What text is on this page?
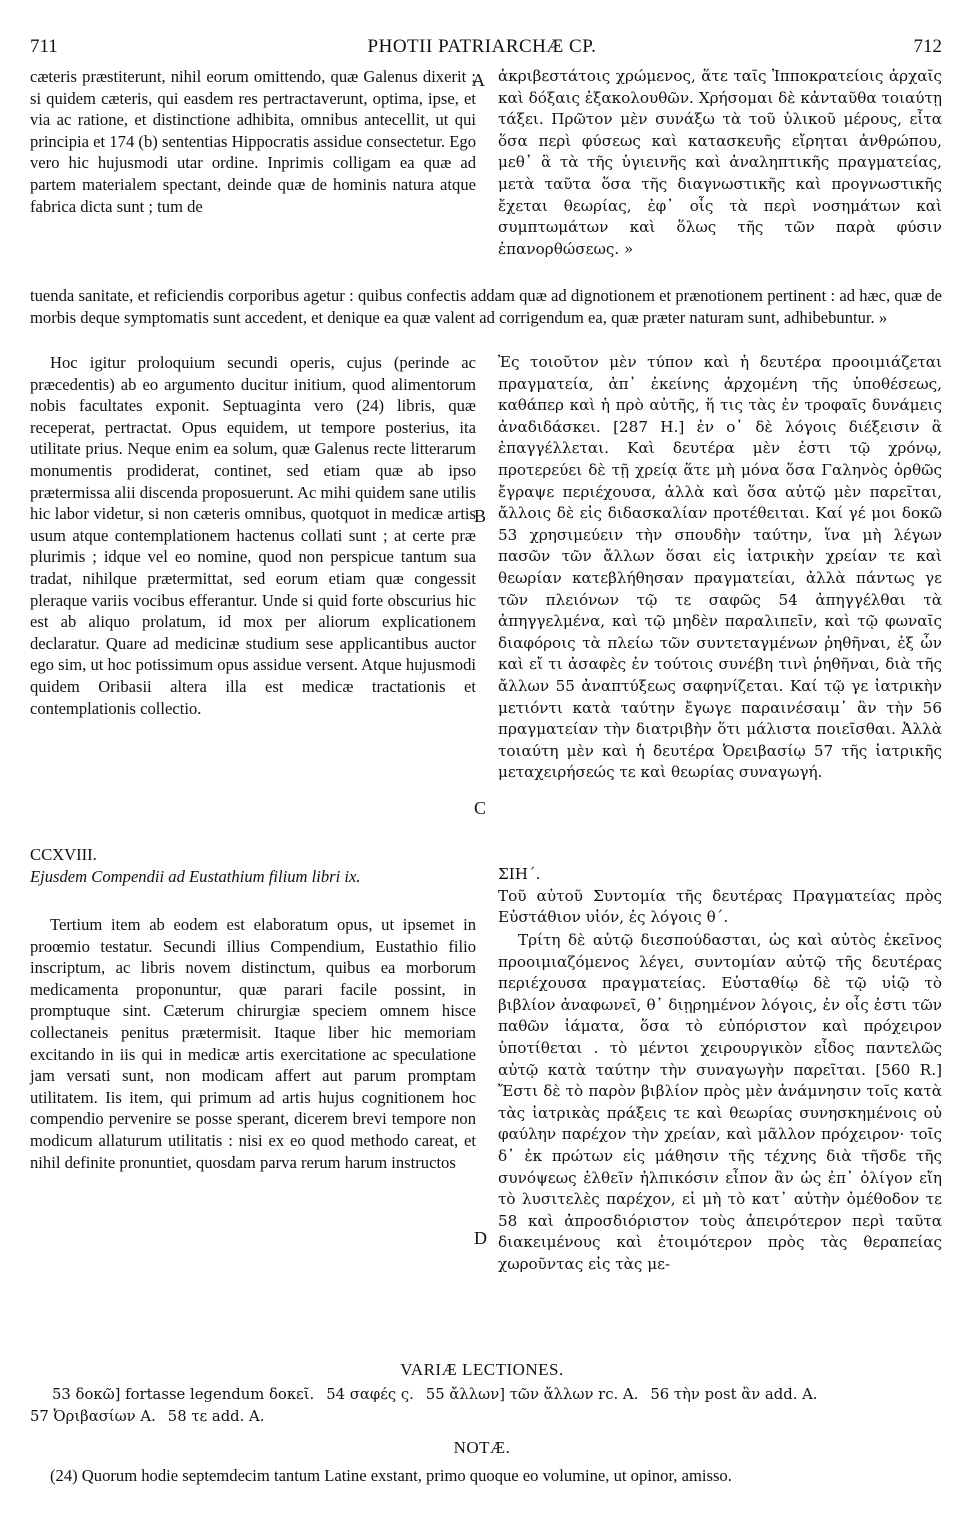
711	PHOTII PATRIARCHÆ CP.	712

cæteris præstiterunt, nihil eorum omittendo, quæ Galenus dixerit ; si quidem cæteris, qui easdem res pertractaverunt, optima, ipse, et via ac ratione, et distinctione adhibita, omnibus antecellit, ut qui principia et 174 (b) sententias Hippocratis assidue consectetur. Ego vero hic hujusmodi utar ordine. Inprimis colligam ea quæ ad partem materialem spectant, deinde quæ de hominis natura atque fabrica dicta sunt ; tum de

ἀκριβεστάτοις χρώμενος, ἅτε ταῖς Ἱπποκρατείοις ἀρχαῖς καὶ δόξαις ἐξακολουθῶν. Χρήσομαι δὲ κἀνταῦθα τοιαύτῃ τάξει. Πρῶτον μὲν συνάξω τὰ τοῦ ὑλικοῦ μέρους, εἶτα ὅσα περὶ φύσεως καὶ κατασκευῆς εἴρηται ἀνθρώπου, μεθ᾽ ἃ τὰ τῆς ὑγιεινῆς καὶ ἀναληπτικῆς πραγματείας, μετὰ ταῦτα ὅσα τῆς διαγνωστικῆς καὶ προγνωστικῆς ἔχεται θεωρίας, ἐφ᾽ οἷς τὰ περὶ νοσημάτων καὶ συμπτωμάτων καὶ ὅλως τῆς τῶν παρὰ φύσιν ἐπανορθώσεως. »

tuenda sanitate, et reficiendis corporibus agetur : quibus confectis addam quæ ad dignotionem et prænotionem pertinent : ad hæc, quæ de morbis deque symptomatis sunt accedent, et denique ea quæ valent ad corrigendum ea, quæ præter naturam sunt, adhibebuntur. »

Hoc igitur proloquium secundi operis, cujus (perinde ac præcedentis) ab eo argumento ducitur initium, quod alimentorum nobis facultates exponit. Septuaginta vero (24) libris, quæ receperat, pertractat. Opus equidem, ut tempore posterius, ita utilitate prius. Neque enim ea solum, quæ Galenus recte litterarum monumentis prodiderat, continet, sed etiam quæ ab ipso prætermissa alii discenda proposuerunt. Ac mihi quidem sane utilis hic labor videtur, si non cæteris omnibus, quotquot in medicæ artis usum atque contemplationem hactenus collati sunt ; at certe præ plurimis ; idque vel eo nomine, quod non perspicue tantum sua tradat, nihilque prætermittat, sed eorum etiam quæ congessit pleraque variis vocibus efferantur. Unde si quid forte obscurius hic est ab aliquo prolatum, id mox per aliorum explicationem declaratur. Quare ad medicinæ studium sese applicantibus auctor ego sim, ut hoc potissimum opus assidue versent. Atque hujusmodi quidem Oribasii altera illa est medicæ tractationis et contemplationis collectio.

Ἐς τοιοῦτον μὲν τύπον καὶ ἡ δευτέρα προοιμιάζεται πραγματεία, ἀπ᾽ ἐκείνης ἀρχομένη τῆς ὑποθέσεως, καθάπερ καὶ ἡ πρὸ αὐτῆς, ἥ τις τὰς ἐν τροφαῖς δυνάμεις ἀναδιδάσκει. [287 H.] ἐν ο᾽ δὲ λόγοις διέξεισιν ἃ ἐπαγγέλλεται. Καὶ δευτέρα μὲν ἐστι τῷ χρόνῳ, προτερεύει δὲ τῇ χρείᾳ ἅτε μὴ μόνα ὅσα Γαληνὸς ὀρθῶς ἔγραψε περιέχουσα, ἀλλὰ καὶ ὅσα αὐτῷ μὲν παρεῖται, ἄλλοις δὲ εἰς διδασκαλίαν προτέθειται. Καί γέ μοι δοκῶ 53 χρησιμεύειν τὴν σπουδὴν ταύτην, ἵνα μὴ λέγων πασῶν τῶν ἄλλων ὅσαι εἰς ἰατρικὴν χρείαν τε καὶ θεωρίαν κατεβλήθησαν πραγματείαι, ἀλλὰ πάντως γε τῶν πλειόνων τῷ τε σαφῶς 54 ἀπηγγέλθαι τὰ ἀπηγγελμένα, καὶ τῷ μηδὲν παραλιπεῖν, καὶ τῷ φωναῖς διαφόροις τὰ πλείω τῶν συντεταγμένων ῥηθῆναι, ἐξ ὧν καὶ εἴ τι ἀσαφὲς ἐν τούτοις συνέβη τινὶ ῥηθῆναι, διὰ τῆς ἄλλων 55 ἀναπτύξεως σαφηνίζεται. Καί τῷ γε ἰατρικὴν μετιόντι κατὰ ταύτην ἔγωγε παραινέσαιμ᾽ ἂν τὴν 56 πραγματείαν τὴν διατριβὴν ὅτι μάλιστα ποιεῖσθαι. Ἀλλὰ τοιαύτη μὲν καὶ ἡ δευτέρα Ὀρειβασίῳ 57 τῆς ἰατρικῆς μεταχειρήσεώς τε καὶ θεωρίας συναγωγή.

CCXVIII.

Ejusdem Compendii ad Eustathium filium libri ix.	ΣΙΗ΄.

Τοῦ αὐτοῦ Συντομία τῆς δευτέρας Πραγματείας πρὸς Εὐστάθιον υἱόν, ἐς λόγοις θ΄.

Tertium item ab eodem est elaboratum opus, ut ipsemet in proœmio testatur. Secundi illius Compendium, Eustathio filio inscriptum, ac libris novem distinctum, quibus ea morborum medicamenta proponuntur, quæ parari facile possint, in promptuque sint. Cæterum chirurgiæ speciem omnem hisce collectaneis penitus prætermisit. Itaque liber hic memoriam excitando in iis qui in medicæ artis exercitatione ac speculatione jam versati sunt, non modicam affert aut parum promptam utilitatem. Iis item, qui primum ad artis hujus cognitionem hoc compendio pervenire se posse sperant, dicerem brevi tempore non modicum allaturum utilitatis : nisi ex eo quod methodo careat, et nihil definite pronuntiet, quosdam parva rerum harum instructos

Τρίτη δὲ αὐτῷ διεσπούδασται, ὡς καὶ αὐτὸς ἐκεῖνος προοιμιαζόμενος λέγει, συντομίαν αὐτῷ τῆς δευτέρας περιέχουσα πραγματείας. Εὐσταθίῳ δὲ τῷ υἱῷ τὸ βιβλίον ἀναφωνεῖ, θ᾽ διῃρημένον λόγοις, ἐν οἷς ἐστι τῶν παθῶν ἰάματα, ὅσα τὸ εὐπόριστον καὶ πρόχειρον ὑποτίθεται . τὸ μέντοι χειρουργικὸν εἶδος παντελῶς αὐτῷ κατὰ ταύτην τὴν συναγωγὴν παρεῖται. [560 R.] Ἔστι δὲ τὸ παρὸν βιβλίον πρὸς μὲν ἀνάμνησιν τοῖς κατὰ τὰς ἰατρικὰς πράξεις τε καὶ θεωρίας συνησκημένοις οὐ φαύλην παρέχον τὴν χρείαν, καὶ μᾶλλον πρόχειρον· τοῖς δ᾽ ἐκ πρώτων εἰς μάθησιν τῆς τέχνης διὰ τῆσδε τῆς συνόψεως ἐλθεῖν ἠλπικόσιν εἶπον ἂν ὡς ἐπ᾽ ὀλίγον εἴη τὸ λυσιτελὲς παρέχον, εἰ μὴ τὸ κατ᾽ αὐτὴν ὁμέθοδον τε 58 καὶ ἀπροσδιόριστον τοὺς ἀπειρότερον περὶ ταῦτα διακειμένους καὶ ἑτοιμότερον πρὸς τὰς θεραπείας χωροῦντας εἰς τὰς με-

A
B
C
D
VARIÆ LECTIONES.
53 δοκῶ] fortasse legendum δοκεῖ. 54 σαφές ς. 55 ἄλλων] τῶν ἄλλων rc. A. 56 τὴν post ἂν add. A.
57 Ὀριβασίων A. 58 τε add. A.
NOTÆ.

(24) Quorum hodie septemdecim tantum Latine exstant, primo quoque eo volumine, ut opinor, amisso.
